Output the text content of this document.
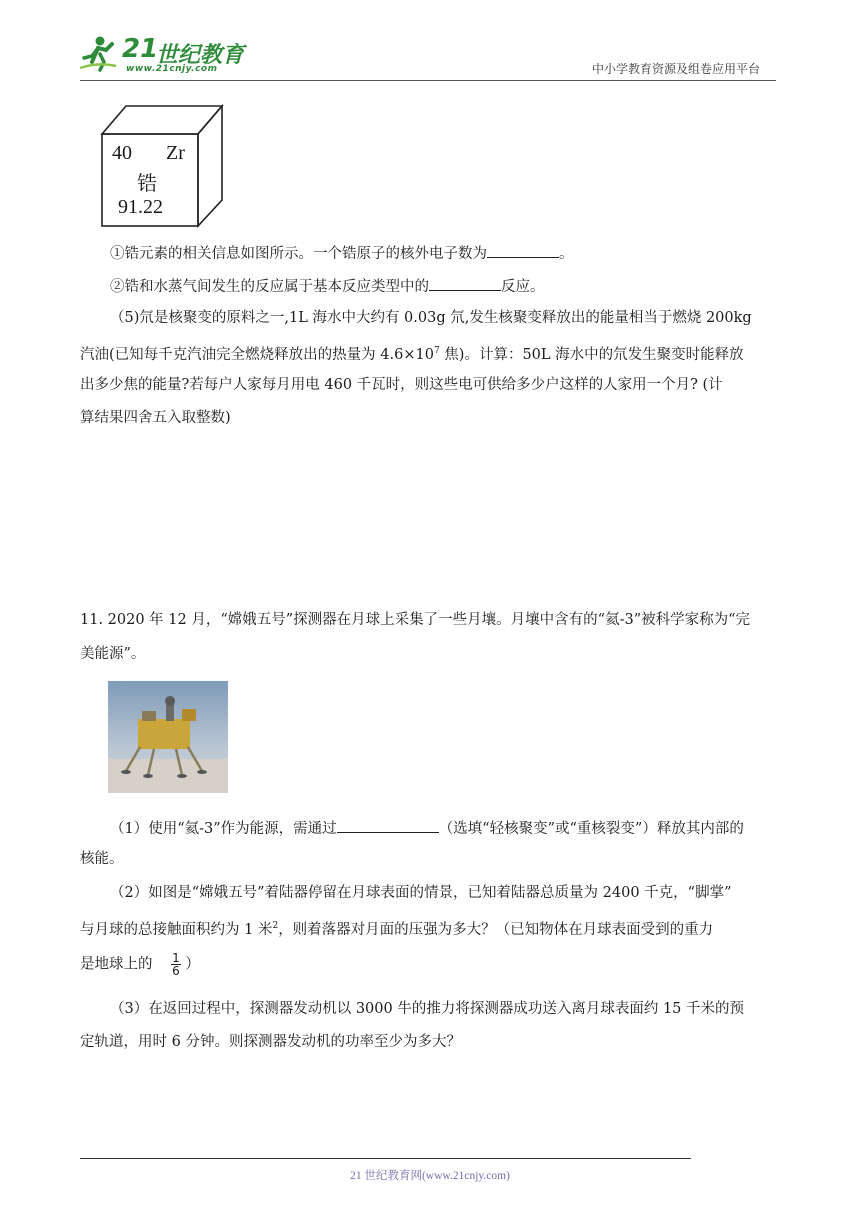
21
世纪教育
www.21cnjy.com	中小学教育资源及组卷应用平台
40 Zr
锆
91.22
①锆元素的相关信息如图所示。一个锆原子的核外电子数为	。
②锆和水蒸气间发生的反应属于基本反应类型中的	反应。
（5)氘是核聚变的原料之一,1L 海水中大约有 0.03g 氘,发生核聚变释放出的能量相当于燃烧 200kg
汽油(已知每千克汽油完全燃烧释放出的热量为 $4.6\times 10^7$ 焦)。计算：50L 海水中的氘发生聚变时能释放
出多少焦的能量?若每户人家每月用电 460 千瓦时，则这些电可供给多少户这样的人家用一个月? (计
算结果四舍五入取整数)
11. 2020 年 12 月，“嫦娥五号”探测器在月球上采集了一些月壤。月壤中含有的“氦-3”被科学家称为“完
美能源”。
（1）使用“氦-3”作为能源，需通过	（选填“轻核聚变”或“重核裂变”）释放其内部的
核能。
（2）如图是“嫦娥五号”着陆器停留在月球表面的情景，已知着陆器总质量为 2400 千克，“脚掌”
与月球的总接触面积约为 1 米$^2$，则着落器对月面的压强为多大？（已知物体在月球表面受到的重力
是地球上的 $\frac{1}{6}$ ）
（3）在返回过程中，探测器发动机以 3000 牛的推力将探测器成功送入离月球表面约 15 千米的预
定轨道，用时 6 分钟。则探测器发动机的功率至少为多大？
21 世纪教育网(www.21cnjy.com)
